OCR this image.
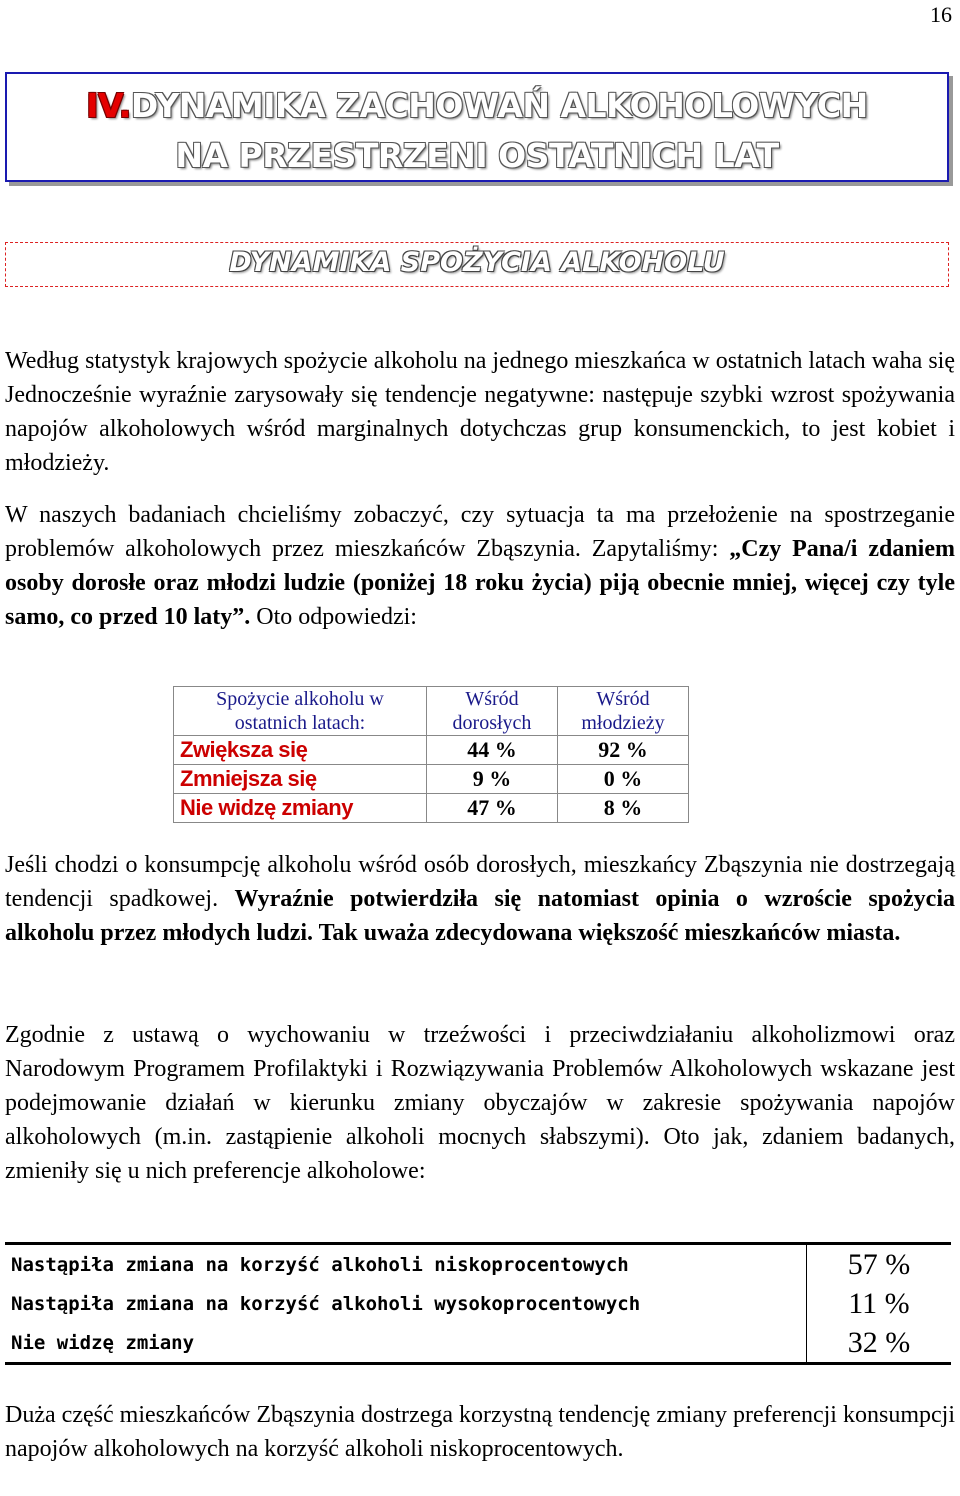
16
IV.DYNAMIKA ZACHOWAŃ ALKOHOLOWYCH
NA PRZESTRZENI OSTATNICH LAT
DYNAMIKA SPOŻYCIA ALKOHOLU

Według statystyk krajowych spożycie alkoholu na jednego mieszkańca w ostatnich latach waha się Jednocześnie wyraźnie zarysowały się tendencje negatywne: następuje szybki wzrost spożywania napojów alkoholowych wśród marginalnych dotychczas grup konsumenckich, to jest kobiet i młodzieży.

W naszych badaniach chcieliśmy zobaczyć, czy sytuacja ta ma przełożenie na spostrzeganie problemów alkoholowych przez mieszkańców Zbąszynia. Zapytaliśmy: „Czy Pana/i zdaniem osoby dorosłe oraz młodzi ludzie (poniżej 18 roku życia) piją obecnie mniej, więcej czy tyle samo, co przed 10 laty”. Oto odpowiedzi:

Spożycie alkoholu w ostatnich latach:	Wśród dorosłych	Wśród młodzieży
Zwiększa się	44 %	92 %
Zmniejsza się	9 %	0 %
Nie widzę zmiany	47 %	8 %

Jeśli chodzi o konsumpcję alkoholu wśród osób dorosłych, mieszkańcy Zbąszynia nie dostrzegają tendencji spadkowej. Wyraźnie potwierdziła się natomiast opinia o wzroście spożycia alkoholu przez młodych ludzi. Tak uważa zdecydowana większość mieszkańców miasta.

Zgodnie z ustawą o wychowaniu w trzeźwości i przeciwdziałaniu alkoholizmowi oraz Narodowym Programem Profilaktyki i Rozwiązywania Problemów Alkoholowych wskazane jest podejmowanie działań w kierunku zmiany obyczajów w zakresie spożywania napojów alkoholowych (m.in. zastąpienie alkoholi mocnych słabszymi). Oto jak, zdaniem badanych, zmieniły się u nich preferencje alkoholowe:

Nastąpiła zmiana na korzyść alkoholi niskoprocentowych	57 %
Nastąpiła zmiana na korzyść alkoholi wysokoprocentowych	11 %
Nie widzę zmiany	32 %

Duża część mieszkańców Zbąszynia dostrzega korzystną tendencję zmiany preferencji konsumpcji napojów alkoholowych na korzyść alkoholi niskoprocentowych.
